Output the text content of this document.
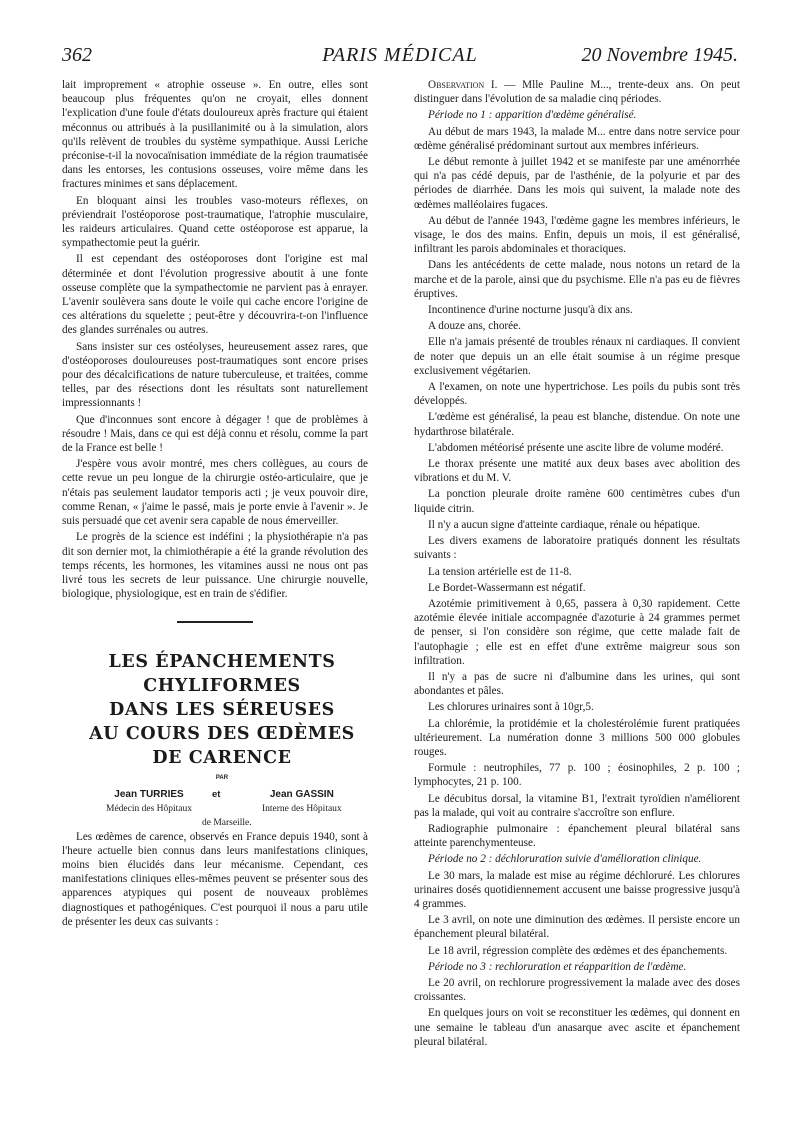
362	PARIS MÉDICAL	20 Novembre 1945.

lait improprement « atrophie osseuse ». En outre, elles sont beaucoup plus fréquentes qu'on ne croyait, elles donnent l'explication d'une foule d'états douloureux après fracture qui étaient méconnus ou attribués à la pusillanimité ou à la simulation, alors qu'ils relèvent de troubles du système sympathique. Aussi Leriche préconise-t-il la novocaïnisation immédiate de la région traumatisée dans les entorses, les contusions osseuses, voire même dans les fractures minimes et sans déplacement.

En bloquant ainsi les troubles vaso-moteurs réflexes, on préviendrait l'ostéoporose post-traumatique, l'atrophie musculaire, les raideurs articulaires. Quand cette ostéoporose est apparue, la sympathectomie peut la guérir.

Il est cependant des ostéoporoses dont l'origine est mal déterminée et dont l'évolution progressive aboutit à une fonte osseuse complète que la sympathectomie ne parvient pas à enrayer. L'avenir soulèvera sans doute le voile qui cache encore l'origine de ces altérations du squelette ; peut-être y découvrira-t-on l'influence des glandes surrénales ou autres.

Sans insister sur ces ostéolyses, heureusement assez rares, que d'ostéoporoses douloureuses post-traumatiques sont encore prises pour des décalcifications de nature tuberculeuse, et traitées, comme telles, par des résections dont les résultats sont naturellement impressionnants !

Que d'inconnues sont encore à dégager ! que de problèmes à résoudre ! Mais, dans ce qui est déjà connu et résolu, comme la part de la France est belle !

J'espère vous avoir montré, mes chers collègues, au cours de cette revue un peu longue de la chirurgie ostéo-articulaire, que je n'étais pas seulement laudator temporis acti ; je veux pouvoir dire, comme Renan, « j'aime le passé, mais je porte envie à l'avenir ». Je suis persuadé que cet avenir sera capable de nous émerveiller.

Le progrès de la science est indéfini ; la physiothérapie n'a pas dit son dernier mot, la chimiothérapie a été la grande révolution des temps récents, les hormones, les vitamines aussi ne nous ont pas livré tous les secrets de leur puissance. Une chirurgie nouvelle, biologique, physiologique, est en train de s'édifier.

LES ÉPANCHEMENTS

CHYLIFORMES

DANS LES SÉREUSES

AU COURS DES ŒDÈMES

DE CARENCE

PAR

Jean TURRIES
Médecin des Hôpitaux
et	Jean GASSIN
Interne des Hôpitaux
de Marseille.

Les œdèmes de carence, observés en France depuis 1940, sont à l'heure actuelle bien connus dans leurs manifestations cliniques, moins bien élucidés dans leur mécanisme. Cependant, ces manifestations cliniques elles-mêmes peuvent se présenter sous des apparences atypiques qui posent de nouveaux problèmes diagnostiques et pathogéniques. C'est pourquoi il nous a paru utile de présenter les deux cas suivants :

Observation I. — Mlle Pauline M..., trente-deux ans. On peut distinguer dans l'évolution de sa maladie cinq périodes.

Période no 1 : apparition d'œdème généralisé.

Au début de mars 1943, la malade M... entre dans notre service pour œdème généralisé prédominant surtout aux membres inférieurs.

Le début remonte à juillet 1942 et se manifeste par une aménorrhée qui n'a pas cédé depuis, par de l'asthénie, de la polyurie et par des périodes de diarrhée. Dans les mois qui suivent, la malade note des œdèmes malléolaires fugaces.

Au début de l'année 1943, l'œdème gagne les membres inférieurs, le visage, le dos des mains. Enfin, depuis un mois, il est généralisé, infiltrant les parois abdominales et thoraciques.

Dans les antécédents de cette malade, nous notons un retard de la marche et de la parole, ainsi que du psychisme. Elle n'a pas eu de fièvres éruptives.

Incontinence d'urine nocturne jusqu'à dix ans.

A douze ans, chorée.

Elle n'a jamais présenté de troubles rénaux ni cardiaques. Il convient de noter que depuis un an elle était soumise à un régime presque exclusivement végétarien.

A l'examen, on note une hypertrichose. Les poils du pubis sont très développés.

L'œdème est généralisé, la peau est blanche, distendue. On note une hydarthrose bilatérale.

L'abdomen météorisé présente une ascite libre de volume modéré.

Le thorax présente une matité aux deux bases avec abolition des vibrations et du M. V.

La ponction pleurale droite ramène 600 centimètres cubes d'un liquide citrin.

Il n'y a aucun signe d'atteinte cardiaque, rénale ou hépatique.

Les divers examens de laboratoire pratiqués donnent les résultats suivants :

La tension artérielle est de 11-8.

Le Bordet-Wassermann est négatif.

Azotémie primitivement à 0,65, passera à 0,30 rapidement. Cette azotémie élevée initiale accompagnée d'azoturie à 24 grammes permet de penser, si l'on considère son régime, que cette malade fait de l'autophagie ; elle est en effet d'une extrême maigreur sous son infiltration.

Il n'y a pas de sucre ni d'albumine dans les urines, qui sont abondantes et pâles.

Les chlorures urinaires sont à 10gr,5.

La chlorémie, la protidémie et la cholestérolémie furent pratiquées ultérieurement. La numération donne 3 millions 500 000 globules rouges.

Formule : neutrophiles, 77 p. 100 ; éosinophiles, 2 p. 100 ; lymphocytes, 21 p. 100.

Le décubitus dorsal, la vitamine B1, l'extrait tyroïdien n'améliorent pas la malade, qui voit au contraire s'accroître son enflure.

Radiographie pulmonaire : épanchement pleural bilatéral sans atteinte parenchymenteuse.

Période no 2 : déchloruration suivie d'amélioration clinique.

Le 30 mars, la malade est mise au régime déchloruré. Les chlorures urinaires dosés quotidiennement accusent une baisse progressive jusqu'à 4 grammes.

Le 3 avril, on note une diminution des œdèmes. Il persiste encore un épanchement pleural bilatéral.

Le 18 avril, régression complète des œdèmes et des épanchements.

Période no 3 : rechloruration et réapparition de l'œdème.

Le 20 avril, on rechlorure progressivement la malade avec des doses croissantes.

En quelques jours on voit se reconstituer les œdèmes, qui donnent en une semaine le tableau d'un anasarque avec ascite et épanchement pleural bilatéral.
